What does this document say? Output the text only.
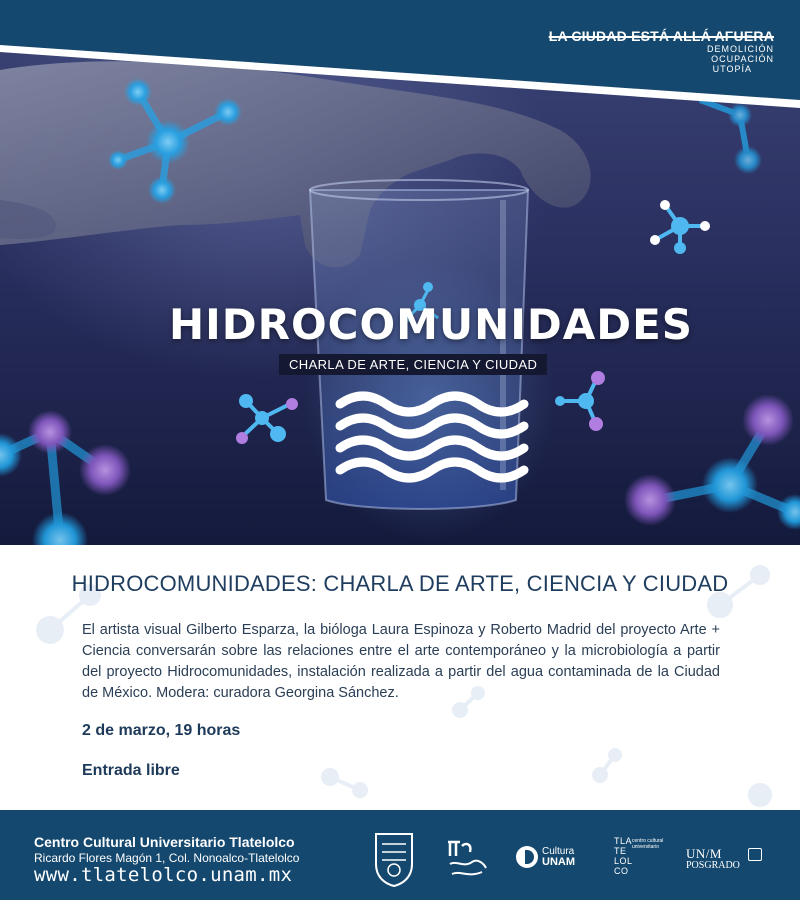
LA CIUDAD ESTÁ ALLÁ AFUERA
DEMOLICIÓN
OCUPACIÓN
UTOPÍA
HIDROCOMUNIDADES
CHARLA DE ARTE, CIENCIA Y CIUDAD
HIDROCOMUNIDADES: CHARLA DE ARTE, CIENCIA Y CIUDAD

El artista visual Gilberto Esparza, la bióloga Laura Espinoza y Roberto Madrid del proyecto Arte + Ciencia conversarán sobre las relaciones entre el arte contemporáneo y la microbiología a partir del proyecto Hidrocomunidades, instalación realizada a partir del agua contaminada de la Ciudad de México. Modera: curadora Georgina Sánchez.

2 de marzo, 19 horas
Entrada libre
Centro Cultural Universitario Tlatelolco
Ricardo Flores Magón 1, Col. Nonoalco-Tlatelolco
www.tlatelolco.unam.mx
Cultura
UNAM
TLA
TE
LOL
CO
centro cultural universitario	UN/M
POSGRADO
